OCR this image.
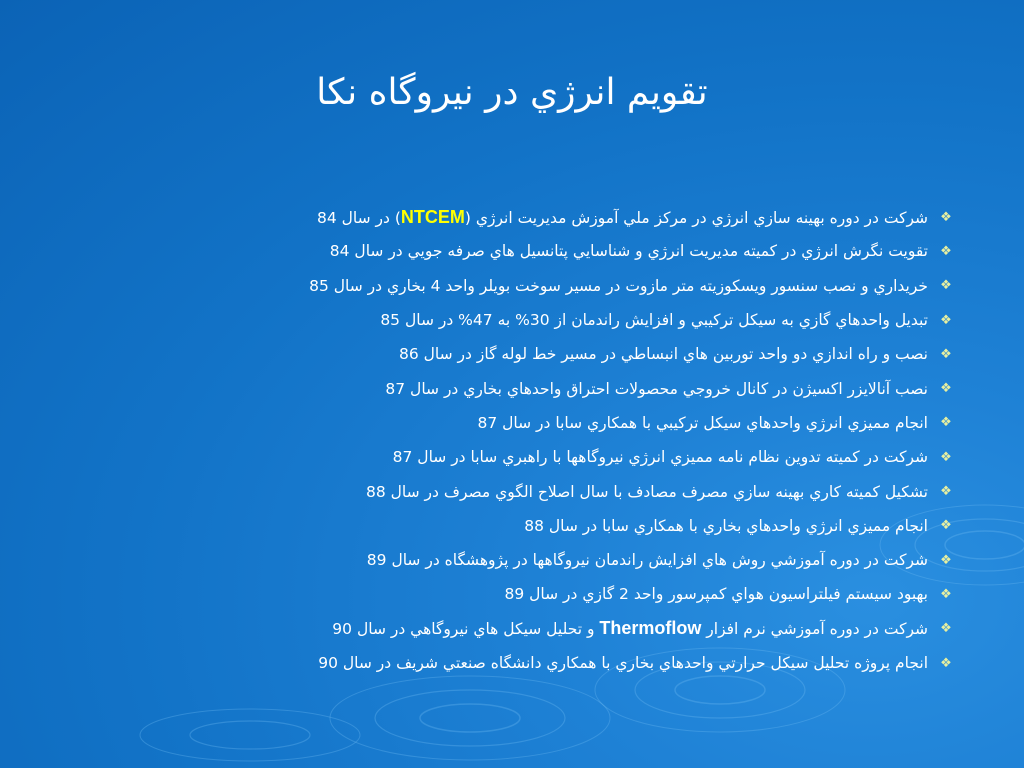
تقويم انرژي در نيروگاه نكا
❖
شركت در دوره بهينه سازي انرژي در مركز ملي آموزش مديريت انرژي (NTCEM) در سال 84
❖
تقويت نگرش انرژي در كميته مديريت انرژي و شناسايي پتانسيل هاي صرفه جويي در سال 84
❖
خريداري و نصب سنسور ويسكوزيته متر مازوت در مسير سوخت بويلر واحد 4 بخاري در سال 85
❖
تبديل واحدهاي گازي به سيكل تركيبي و افزايش راندمان از 30% به 47% در سال 85
❖
نصب و راه اندازي دو واحد توربين هاي انبساطي در مسير خط لوله گاز در سال 86
❖
نصب آنالايزر اكسيژن در كانال خروجي محصولات احتراق واحدهاي بخاري در سال 87
❖
انجام مميزي انرژي واحدهاي سيكل تركيبي با همكاري سابا در سال 87
❖
شركت در كميته تدوين نظام نامه مميزي انرژي نيروگاهها با راهبري سابا در سال 87
❖
تشكيل كميته كاري بهينه سازي مصرف مصادف با سال اصلاح الگوي مصرف در سال 88
❖
انجام مميزي انرژي واحدهاي بخاري با همكاري سابا در سال 88
❖
شركت در دوره آموزشي روش هاي افزايش راندمان نيروگاهها در پژوهشگاه در سال 89
❖
بهبود سيستم فيلتراسيون هواي كمپرسور واحد 2 گازي در سال 89
❖
شركت در دوره آموزشي نرم افزار Thermoflow و تحليل سيكل هاي نيروگاهي در سال 90
❖
انجام پروژه تحليل سيكل حرارتي واحدهاي بخاري با همكاري دانشگاه صنعتي شريف در سال 90
